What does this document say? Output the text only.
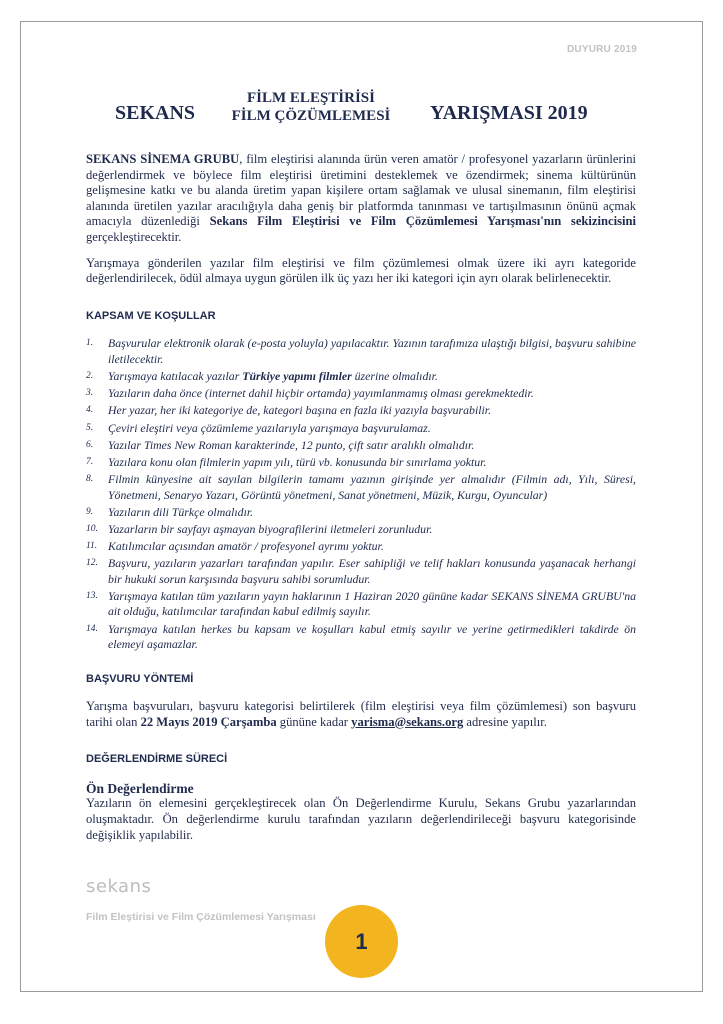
DUYURU 2019
SEKANS
FİLM ELEŞTİRİSİ
FİLM ÇÖZÜMLEMESİ	YARIŞMASI 2019

SEKANS SİNEMA GRUBU, film eleştirisi alanında ürün veren amatör / profesyonel yazarların ürünlerini değerlendirmek ve böylece film eleştirisi üretimini desteklemek ve özendirmek; sinema kültürünün gelişmesine katkı ve bu alanda üretim yapan kişilere ortam sağlamak ve ulusal sinemanın, film eleştirisi alanında üretilen yazılar aracılığıyla daha geniş bir platformda tanınması ve tartışılmasının önünü açmak amacıyla düzenlediği Sekans Film Eleştirisi ve Film Çözümlemesi Yarışması'nın sekizincisini gerçekleştirecektir.

Yarışmaya gönderilen yazılar film eleştirisi ve film çözümlemesi olmak üzere iki ayrı kategoride değerlendirilecek, ödül almaya uygun görülen ilk üç yazı her iki kategori için ayrı olarak belirlenecektir.

KAPSAM VE KOŞULLAR
1.	Başvurular elektronik olarak (e-posta yoluyla) yapılacaktır. Yazının tarafımıza ulaştığı bilgisi, başvuru sahibine iletilecektir.
2.	Yarışmaya katılacak yazılar Türkiye yapımı filmler üzerine olmalıdır.
3.	Yazıların daha önce (internet dahil hiçbir ortamda) yayımlanmamış olması gerekmektedir.
4.	Her yazar, her iki kategoriye de, kategori başına en fazla iki yazıyla başvurabilir.
5.	Çeviri eleştiri veya çözümleme yazılarıyla yarışmaya başvurulamaz.
6.	Yazılar Times New Roman karakterinde, 12 punto, çift satır aralıklı olmalıdır.
7.	Yazılara konu olan filmlerin yapım yılı, türü vb. konusunda bir sınırlama yoktur.
8.	Filmin künyesine ait sayılan bilgilerin tamamı yazının girişinde yer almalıdır (Filmin adı, Yılı, Süresi, Yönetmeni, Senaryo Yazarı, Görüntü yönetmeni, Sanat yönetmeni, Müzik, Kurgu, Oyuncular)
9.	Yazıların dili Türkçe olmalıdır.
10. Yazarların bir sayfayı aşmayan biyografilerini iletmeleri zorunludur.
11. Katılımcılar açısından amatör / profesyonel ayrımı yoktur.
12. Başvuru, yazıların yazarları tarafından yapılır. Eser sahipliği ve telif hakları konusunda yaşanacak herhangi bir hukuki sorun karşısında başvuru sahibi sorumludur.
13. Yarışmaya katılan tüm yazıların yayın haklarının 1 Haziran 2020 gününe kadar SEKANS SİNEMA GRUBU'na ait olduğu, katılımcılar tarafından kabul edilmiş sayılır.
14. Yarışmaya katılan herkes bu kapsam ve koşulları kabul etmiş sayılır ve yerine getirmedikleri takdirde ön elemeyi aşamazlar.
BAŞVURU YÖNTEMİ

Yarışma başvuruları, başvuru kategorisi belirtilerek (film eleştirisi veya film çözümlemesi) son başvuru tarihi olan 22 Mayıs 2019 Çarşamba gününe kadar yarisma@sekans.org adresine yapılır.

DEĞERLENDİRME SÜRECİ

Ön Değerlendirme

Yazıların ön elemesini gerçekleştirecek olan Ön Değerlendirme Kurulu, Sekans Grubu yazarlarından oluşmaktadır. Ön değerlendirme kurulu tarafından yazıların değerlendirileceği başvuru kategorisinde değişiklik yapılabilir.

sekans
Film Eleştirisi ve Film Çözümlemesi Yarışması
1
